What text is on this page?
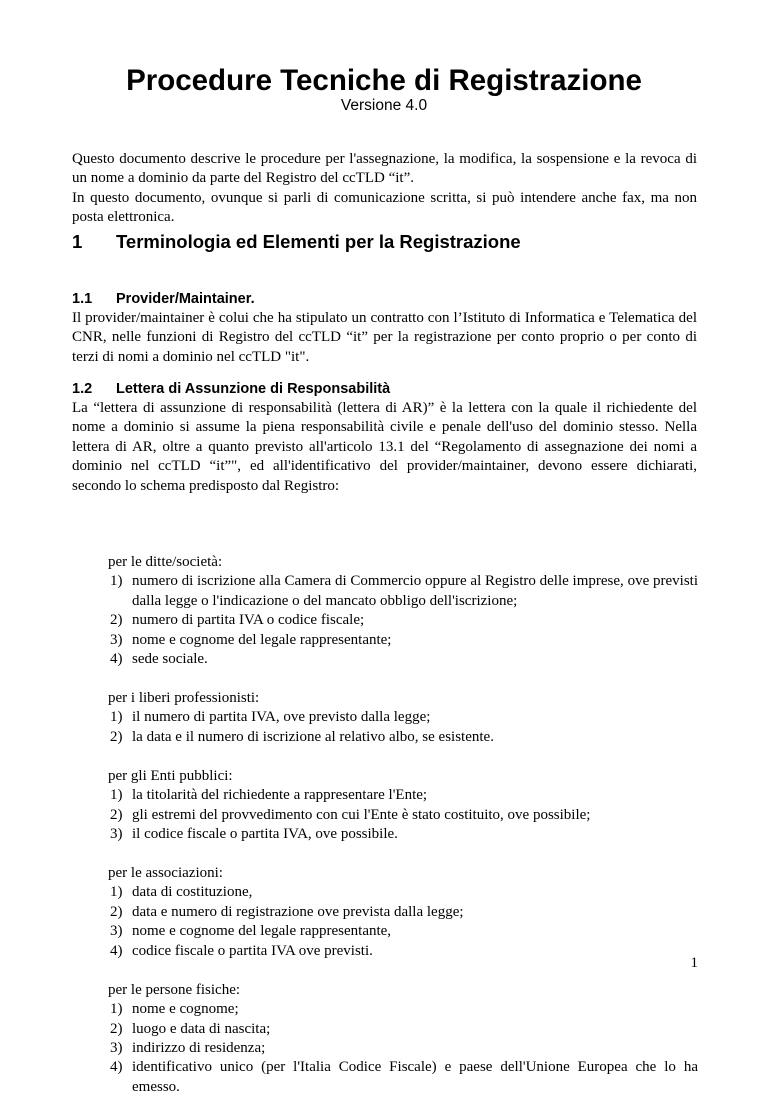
Procedure Tecniche di Registrazione
Versione 4.0

Questo documento descrive le procedure per l'assegnazione, la modifica, la sospensione e la revoca di un nome a dominio da parte del Registro del ccTLD “it”.

In questo documento, ovunque si parli di comunicazione scritta, si può intendere anche fax, ma non posta elettronica.

1 Terminologia ed Elementi per la Registrazione
1.1 Provider/Maintainer.

Il provider/maintainer è colui che ha stipulato un contratto con l’Istituto di Informatica e Telematica del CNR, nelle funzioni di Registro del ccTLD “it” per la registrazione per conto proprio o per conto di terzi di nomi a dominio nel ccTLD "it".

1.2 Lettera di Assunzione di Responsabilità

La “lettera di assunzione di responsabilità (lettera di AR)” è la lettera con la quale il richiedente del nome a dominio si assume la piena responsabilità civile e penale dell'uso del dominio stesso. Nella lettera di AR, oltre a quanto previsto all'articolo 13.1 del “Regolamento di assegnazione dei nomi a dominio nel ccTLD “it”", ed all'identificativo del provider/maintainer, devono essere dichiarati, secondo lo schema predisposto dal Registro:

per le ditte/società:

1) numero di iscrizione alla Camera di Commercio oppure al Registro delle imprese, ove previsti dalla legge o l'indicazione o del mancato obbligo dell'iscrizione;
2) numero di partita IVA o codice fiscale;
3) nome e cognome del legale rappresentante;
4) sede sociale.

per i liberi professionisti:

1) il numero di partita IVA, ove previsto dalla legge;
2) la data e il numero di iscrizione al relativo albo, se esistente.

per gli Enti pubblici:

1) la titolarità del richiedente a rappresentare l'Ente;
2) gli estremi del provvedimento con cui l'Ente è stato costituito, ove possibile;
3) il codice fiscale o partita IVA, ove possibile.

per le associazioni:

1) data di costituzione,
2) data e numero di registrazione ove prevista dalla legge;
3) nome e cognome del legale rappresentante,
4) codice fiscale o partita IVA ove previsti.

per le persone fisiche:

1) nome e cognome;
2) luogo e data di nascita;
3) indirizzo di residenza;
4) identificativo unico (per l'Italia Codice Fiscale) e paese dell'Unione Europea che lo ha emesso.
1
